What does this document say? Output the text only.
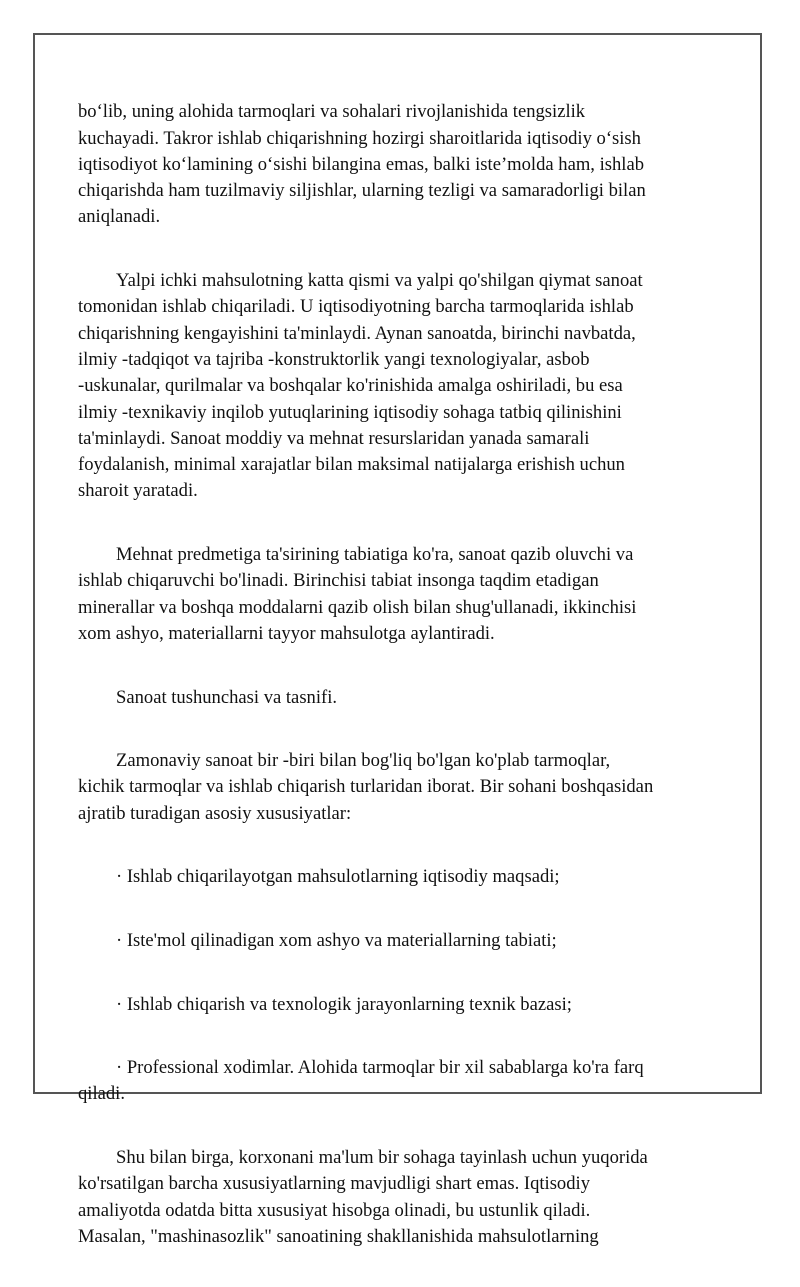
bo‘lib, uning alohida tarmoqlari va sohalari rivojlanishida tengsizlik
kuchayadi. Takror ishlab chiqarishning hozirgi sharoitlarida iqtisodiy o‘sish
iqtisodiyot ko‘lamining o‘sishi bilangina emas, balki iste’molda ham, ishlab
chiqarishda ham tuzilmaviy siljishlar, ularning tezligi va samaradorligi bilan
aniqlanadi.

Yalpi ichki mahsulotning katta qismi va yalpi qo'shilgan qiymat sanoat
tomonidan ishlab chiqariladi. U iqtisodiyotning barcha tarmoqlarida ishlab
chiqarishning kengayishini ta'minlaydi. Aynan sanoatda, birinchi navbatda,
ilmiy -tadqiqot va tajriba -konstruktorlik yangi texnologiyalar, asbob
-uskunalar, qurilmalar va boshqalar ko'rinishida amalga oshiriladi, bu esa
ilmiy -texnikaviy inqilob yutuqlarining iqtisodiy sohaga tatbiq qilinishini
ta'minlaydi. Sanoat moddiy va mehnat resurslaridan yanada samarali
foydalanish, minimal xarajatlar bilan maksimal natijalarga erishish uchun
sharoit yaratadi.

Mehnat predmetiga ta'sirining tabiatiga ko'ra, sanoat qazib oluvchi va
ishlab chiqaruvchi bo'linadi. Birinchisi tabiat insonga taqdim etadigan
minerallar va boshqa moddalarni qazib olish bilan shug'ullanadi, ikkinchisi
xom ashyo, materiallarni tayyor mahsulotga aylantiradi.

Sanoat tushunchasi va tasnifi.

Zamonaviy sanoat bir -biri bilan bog'liq bo'lgan ko'plab tarmoqlar,
kichik tarmoqlar va ishlab chiqarish turlaridan iborat. Bir sohani boshqasidan
ajratib turadigan asosiy xususiyatlar:

· Ishlab chiqarilayotgan mahsulotlarning iqtisodiy maqsadi;

· Iste'mol qilinadigan xom ashyo va materiallarning tabiati;

· Ishlab chiqarish va texnologik jarayonlarning texnik bazasi;

· Professional xodimlar. Alohida tarmoqlar bir xil sabablarga ko'ra farq
qiladi.

Shu bilan birga, korxonani ma'lum bir sohaga tayinlash uchun yuqorida
ko'rsatilgan barcha xususiyatlarning mavjudligi shart emas. Iqtisodiy
amaliyotda odatda bitta xususiyat hisobga olinadi, bu ustunlik qiladi.
Masalan, "mashinasozlik" sanoatining shakllanishida mahsulotlarning
